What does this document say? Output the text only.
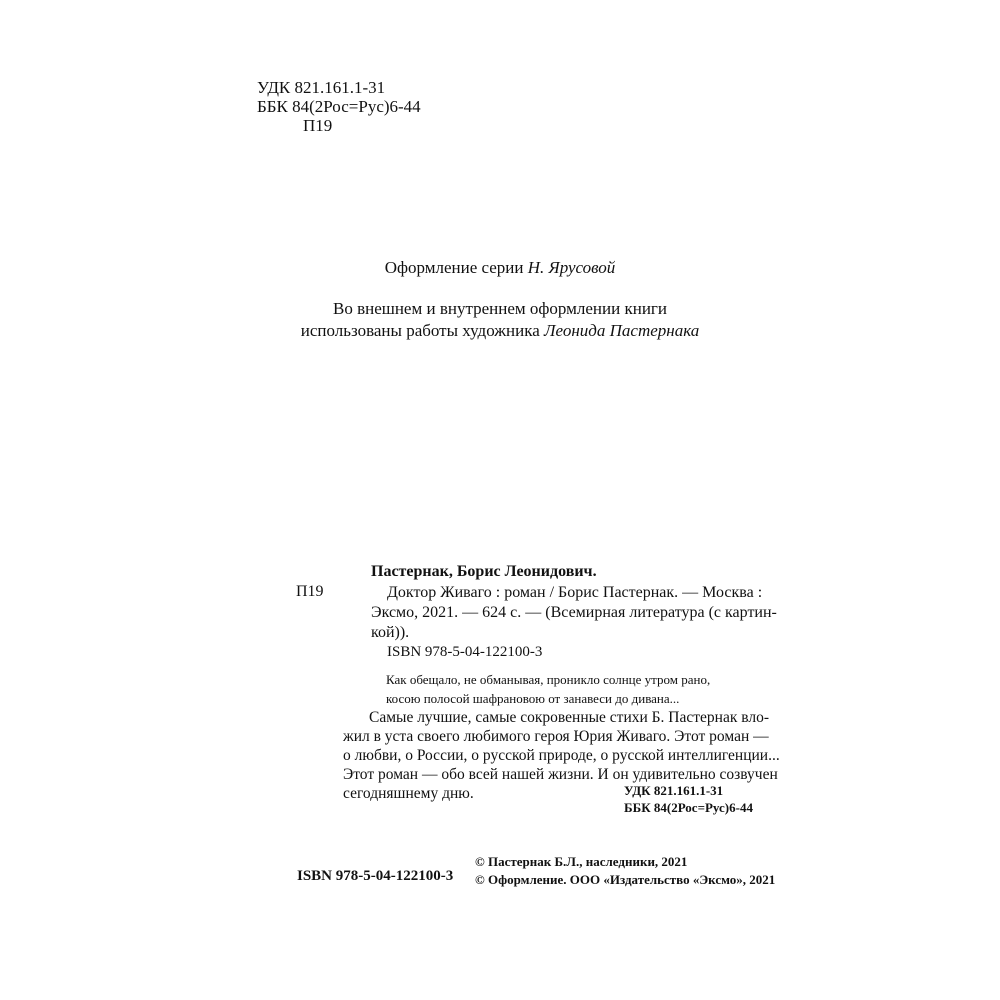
УДК 821.161.1-31
ББК 84(2Рос=Рус)6-44
П19
Оформление серии Н. Ярусовой
Во внешнем и внутреннем оформлении книги
использованы работы художника Леонида Пастернака
Пастернак, Борис Леонидович.
П19	Доктор Живаго : роман / Борис Пастернак. — Москва :
Эксмо, 2021. — 624 с. — (Всемирная литература (с картин-
кой)).
ISBN 978-5-04-122100-3
Как обещало, не обманывая, проникло солнце утром рано,
косою полосой шафрановою от занавеси до дивана...
Самые лучшие, самые сокровенные стихи Б. Пастернак вло-
жил в уста своего любимого героя Юрия Живаго. Этот роман —
о любви, о России, о русской природе, о русской интеллигенции...
Этот роман — обо всей нашей жизни. И он удивительно созвучен
сегодняшнему дню.	УДК 821.161.1-31
ББК 84(2Рос=Рус)6-44
ISBN 978-5-04-122100-3
© Пастернак Б.Л., наследники, 2021
© Оформление. ООО «Издательство «Эксмо», 2021
